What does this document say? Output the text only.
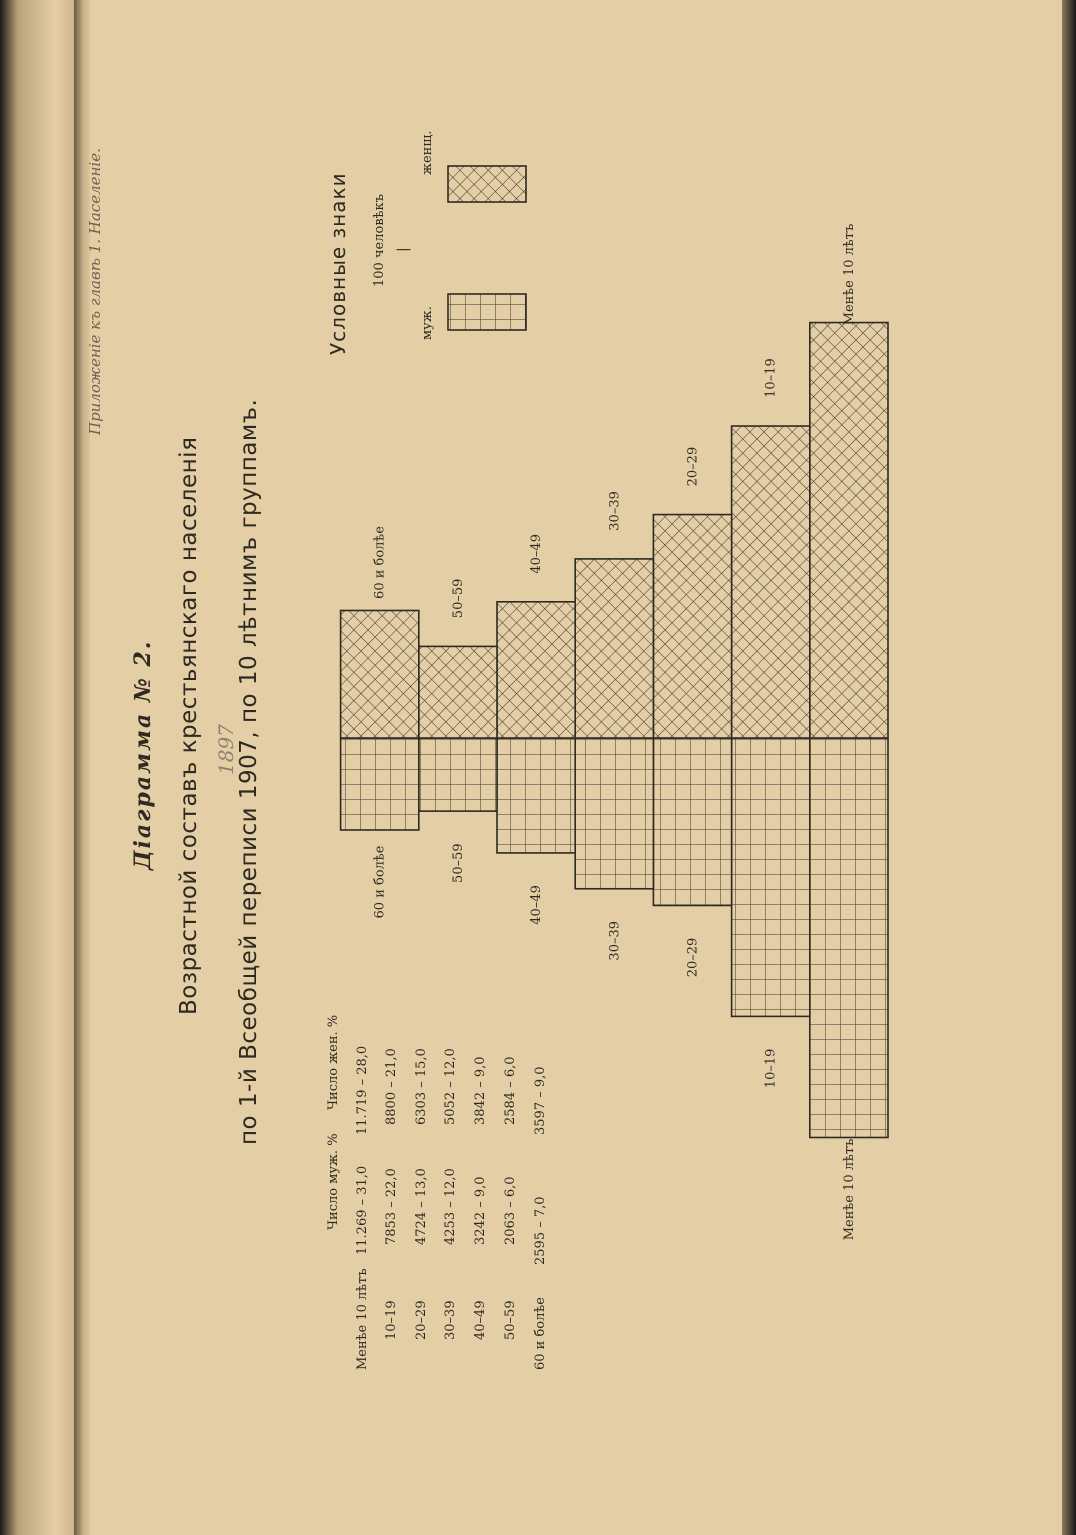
Приложеніе къ главѣ 1. Населеніе.
Діаграмма № 2. Возрастной составъ крестьянскаго населенія по 1-й Всеобщей переписи 1907, по 10 лѣтнимъ группамъ.
1897
Число муж. %
Число жен. %
Менѣе 10 лѣтъ
11.269 – 31,0
11.719 – 28,0
10–19
7853 – 22,0
8800 – 21,0
20–29
4724 – 13,0
6303 – 15,0
30–39
4253 – 12,0
5052 – 12,0
40–49
3242 – 9,0
3842 – 9,0
50–59
2063 – 6,0
2584 – 6,0
60 и болѣе
2595 – 7,0
3597 – 9,0
Условные знаки	муж.
женщ.
100 человѣкъ |
Менѣе 10 лѣтъ
Менѣе 10 лѣтъ
10–19
10–19
20–29
20–29
30–39
30–39
40–49
40–49
50–59
50–59
60 и болѣе
60 и болѣе
